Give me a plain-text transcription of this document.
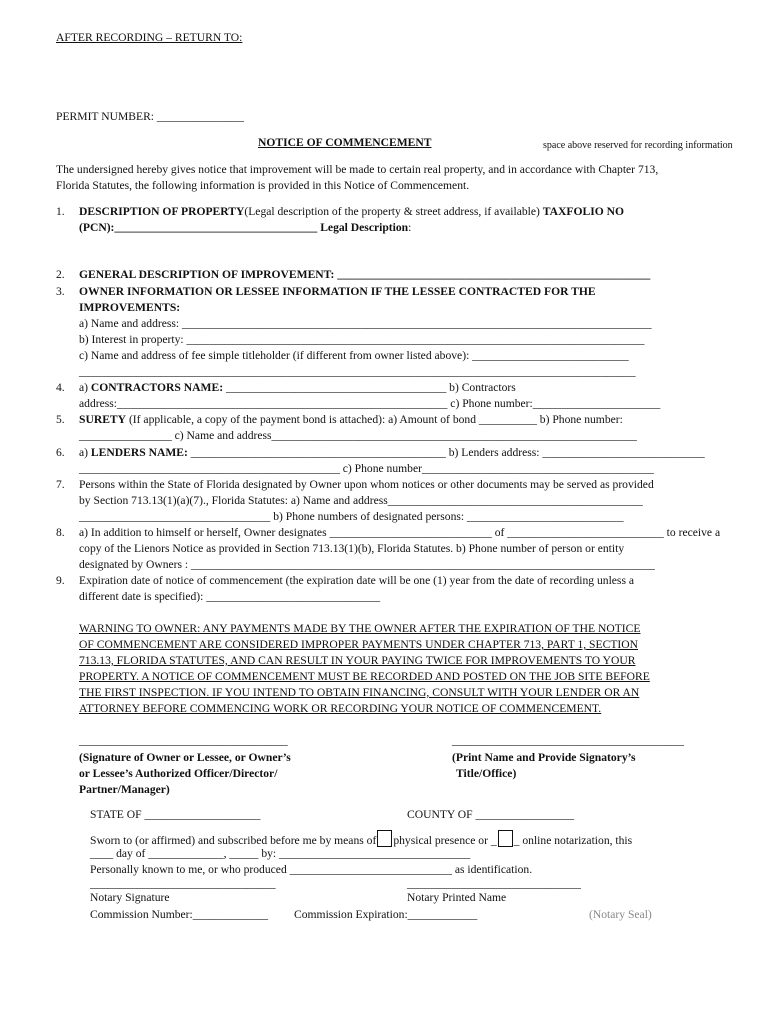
AFTER RECORDING – RETURN TO:
PERMIT NUMBER: _______________
NOTICE OF COMMENCEMENT	space above reserved for recording information
The undersigned hereby gives notice that improvement will be made to certain real property, and in accordance with Chapter 713,
Florida Statutes, the following information is provided in this Notice of Commencement.
1. DESCRIPTION OF PROPERTY(Legal description of the property & street address, if available) TAXFOLIO NO
(PCN):___________________________________ Legal Description:
2. GENERAL DESCRIPTION OF IMPROVEMENT: ______________________________________________________
3. OWNER INFORMATION OR LESSEE INFORMATION IF THE LESSEE CONTRACTED FOR THE
IMPROVEMENTS:
a) Name and address: _________________________________________________________________________________
b) Interest in property: _______________________________________________________________________________
c) Name and address of fee simple titleholder (if different from owner listed above): ___________________________
________________________________________________________________________________________________
4. a) CONTRACTORS NAME: ______________________________________ b) Contractors
address:_________________________________________________________ c) Phone number:______________________
5. SURETY (If applicable, a copy of the payment bond is attached): a) Amount of bond __________ b) Phone number:
________________ c) Name and address_______________________________________________________________
6. a) LENDERS NAME: ____________________________________________ b) Lenders address: ____________________________
_____________________________________________ c) Phone number________________________________________
7. Persons within the State of Florida designated by Owner upon whom notices or other documents may be served as provided
by Section 713.13(1)(a)(7)., Florida Statutes: a) Name and address____________________________________________
_________________________________ b) Phone numbers of designated persons: ___________________________
8. a) In addition to himself or herself, Owner designates ____________________________ of ___________________________ to receive a
copy of the Lienors Notice as provided in Section 713.13(1)(b), Florida Statutes. b) Phone number of person or entity
designated by Owners : ________________________________________________________________________________
9. Expiration date of notice of commencement (the expiration date will be one (1) year from the date of recording unless a
different date is specified): ______________________________
WARNING TO OWNER: ANY PAYMENTS MADE BY THE OWNER AFTER THE EXPIRATION OF THE NOTICE
OF COMMENCEMENT ARE CONSIDERED IMPROPER PAYMENTS UNDER CHAPTER 713, PART 1, SECTION
713.13, FLORIDA STATUTES, AND CAN RESULT IN YOUR PAYING TWICE FOR IMPROVEMENTS TO YOUR
PROPERTY. A NOTICE OF COMMENCEMENT MUST BE RECORDED AND POSTED ON THE JOB SITE BEFORE
THE FIRST INSPECTION. IF YOU INTEND TO OBTAIN FINANCING, CONSULT WITH YOUR LENDER OR AN
ATTORNEY BEFORE COMMENCING WORK OR RECORDING YOUR NOTICE OF COMMENCEMENT.
____________________________________
(Signature of Owner or Lessee, or Owner’s
or Lessee’s Authorized Officer/Director/
Partner/Manager)
________________________________________
(Print Name and Provide Signatory’s
Title/Office)
STATE OF ____________________	COUNTY OF _________________
Sworn to (or affirmed) and subscribed before me by means of physical presence or _ _ online notarization, this
____ day of _____________, _____ by: _________________________________
Personally known to me, or who produced ____________________________ as identification.
________________________________	______________________________
Notary Signature	Notary Printed Name
Commission Number:_____________ Commission Expiration:____________	(Notary Seal)
